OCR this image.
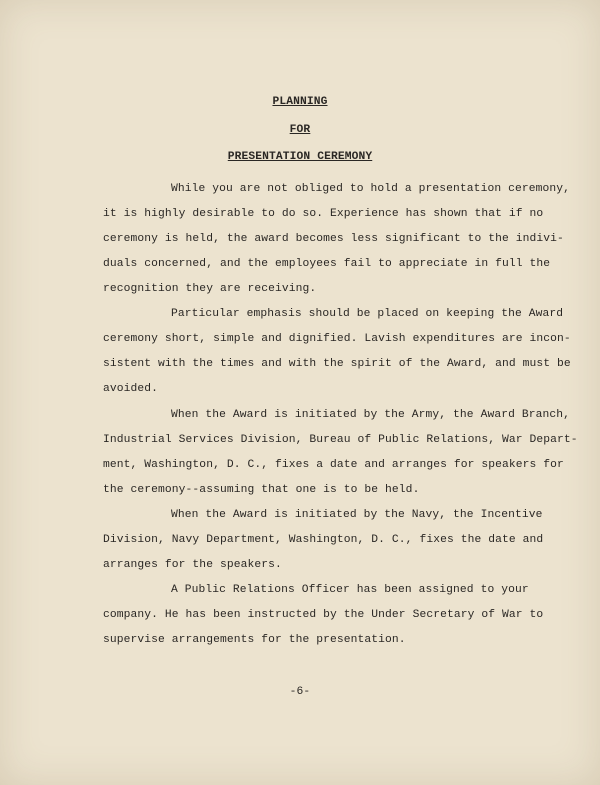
PLANNING
FOR
PRESENTATION CEREMONY
While you are not obliged to hold a presentation ceremony,
it is highly desirable to do so. Experience has shown that if no
ceremony is held, the award becomes less significant to the indivi-
duals concerned, and the employees fail to appreciate in full the
recognition they are receiving.
Particular emphasis should be placed on keeping the Award
ceremony short, simple and dignified. Lavish expenditures are incon-
sistent with the times and with the spirit of the Award, and must be
avoided.
When the Award is initiated by the Army, the Award Branch,
Industrial Services Division, Bureau of Public Relations, War Depart-
ment, Washington, D. C., fixes a date and arranges for speakers for
the ceremony--assuming that one is to be held.
When the Award is initiated by the Navy, the Incentive
Division, Navy Department, Washington, D. C., fixes the date and
arranges for the speakers.
A Public Relations Officer has been assigned to your
company. He has been instructed by the Under Secretary of War to
supervise arrangements for the presentation.
-6-
